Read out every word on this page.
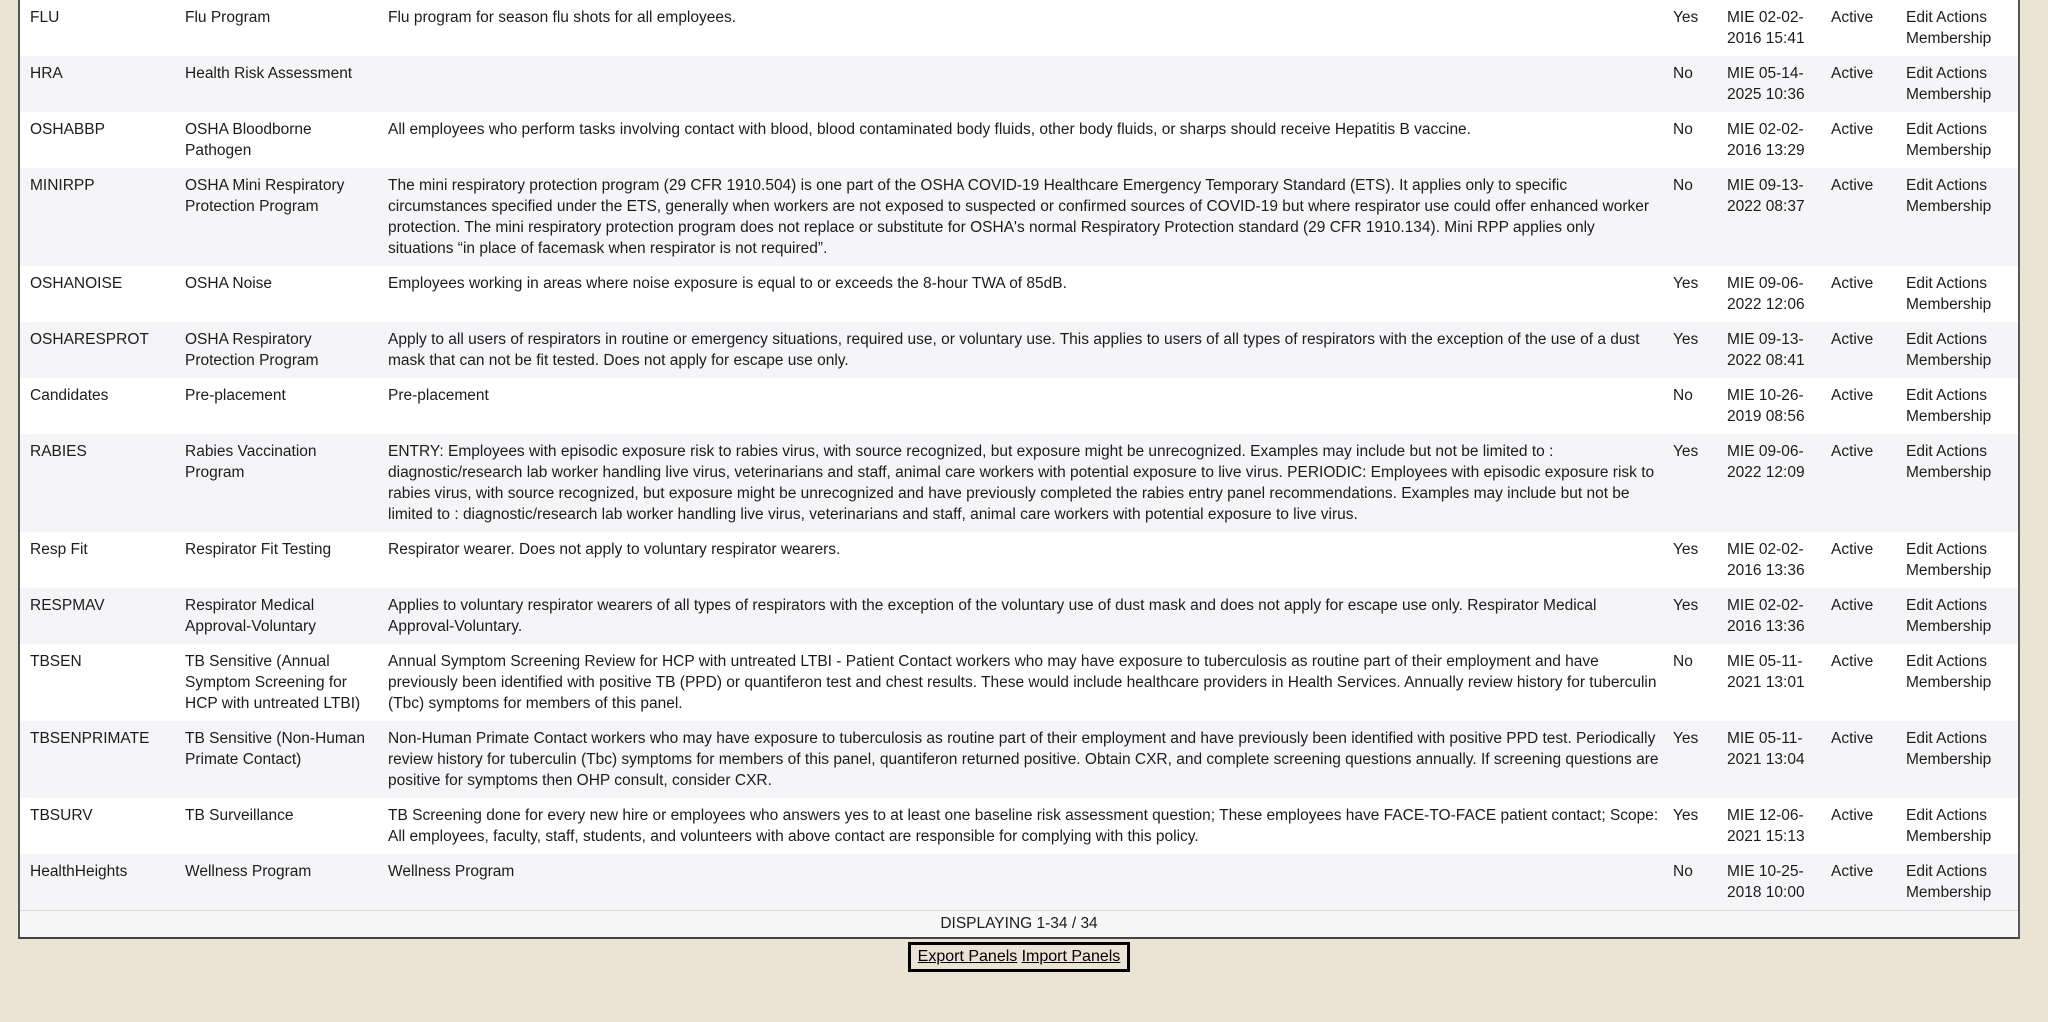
FLU	Flu Program	Flu program for season flu shots for all employees.	Yes	MIE 02-02-2016 15:41	Active	Edit Actions Membership
HRA	Health Risk Assessment		No	MIE 05-14-2025 10:36	Active	Edit Actions Membership
OSHABBP	OSHA Bloodborne Pathogen	All employees who perform tasks involving contact with blood, blood contaminated body fluids, other body fluids, or sharps should receive Hepatitis B vaccine.	No	MIE 02-02-2016 13:29	Active	Edit Actions Membership
MINIRPP	OSHA Mini Respiratory Protection Program	The mini respiratory protection program (29 CFR 1910.504) is one part of the OSHA COVID-19 Healthcare Emergency Temporary Standard (ETS). It applies only to specific circumstances specified under the ETS, generally when workers are not exposed to suspected or confirmed sources of COVID-19 but where respirator use could offer enhanced worker protection. The mini respiratory protection program does not replace or substitute for OSHA's normal Respiratory Protection standard (29 CFR 1910.134). Mini RPP applies only situations “in place of facemask when respirator is not required”.	No	MIE 09-13-2022 08:37	Active	Edit Actions Membership
OSHANOISE	OSHA Noise	Employees working in areas where noise exposure is equal to or exceeds the 8-hour TWA of 85dB.	Yes	MIE 09-06-2022 12:06	Active	Edit Actions Membership
OSHARESPROT	OSHA Respiratory Protection Program	Apply to all users of respirators in routine or emergency situations, required use, or voluntary use. This applies to users of all types of respirators with the exception of the use of a dust mask that can not be fit tested. Does not apply for escape use only.	Yes	MIE 09-13-2022 08:41	Active	Edit Actions Membership
Candidates	Pre-placement	Pre-placement	No	MIE 10-26-2019 08:56	Active	Edit Actions Membership
RABIES	Rabies Vaccination Program	ENTRY: Employees with episodic exposure risk to rabies virus, with source recognized, but exposure might be unrecognized. Examples may include but not be limited to : diagnostic/research lab worker handling live virus, veterinarians and staff, animal care workers with potential exposure to live virus. PERIODIC: Employees with episodic exposure risk to rabies virus, with source recognized, but exposure might be unrecognized and have previously completed the rabies entry panel recommendations. Examples may include but not be limited to : diagnostic/research lab worker handling live virus, veterinarians and staff, animal care workers with potential exposure to live virus.	Yes	MIE 09-06-2022 12:09	Active	Edit Actions Membership
Resp Fit	Respirator Fit Testing	Respirator wearer. Does not apply to voluntary respirator wearers.	Yes	MIE 02-02-2016 13:36	Active	Edit Actions Membership
RESPMAV	Respirator Medical Approval-Voluntary	Applies to voluntary respirator wearers of all types of respirators with the exception of the voluntary use of dust mask and does not apply for escape use only. Respirator Medical Approval-Voluntary.	Yes	MIE 02-02-2016 13:36	Active	Edit Actions Membership
TBSEN	TB Sensitive (Annual Symptom Screening for HCP with untreated LTBI)	Annual Symptom Screening Review for HCP with untreated LTBI - Patient Contact workers who may have exposure to tuberculosis as routine part of their employment and have previously been identified with positive TB (PPD) or quantiferon test and chest results. These would include healthcare providers in Health Services. Annually review history for tuberculin (Tbc) symptoms for members of this panel.	No	MIE 05-11-2021 13:01	Active	Edit Actions Membership
TBSENPRIMATE	TB Sensitive (Non-Human Primate Contact)	Non-Human Primate Contact workers who may have exposure to tuberculosis as routine part of their employment and have previously been identified with positive PPD test. Periodically review history for tuberculin (Tbc) symptoms for members of this panel, quantiferon returned positive. Obtain CXR, and complete screening questions annually. If screening questions are positive for symptoms then OHP consult, consider CXR.	Yes	MIE 05-11-2021 13:04	Active	Edit Actions Membership
TBSURV	TB Surveillance	TB Screening done for every new hire or employees who answers yes to at least one baseline risk assessment question; These employees have FACE-TO-FACE patient contact; Scope: All employees, faculty, staff, students, and volunteers with above contact are responsible for complying with this policy.	Yes	MIE 12-06-2021 15:13	Active	Edit Actions Membership
HealthHeights	Wellness Program	Wellness Program	No	MIE 10-25-2018 10:00	Active	Edit Actions Membership
DISPLAYING 1-34 / 34						
Export Panels Import Panels
